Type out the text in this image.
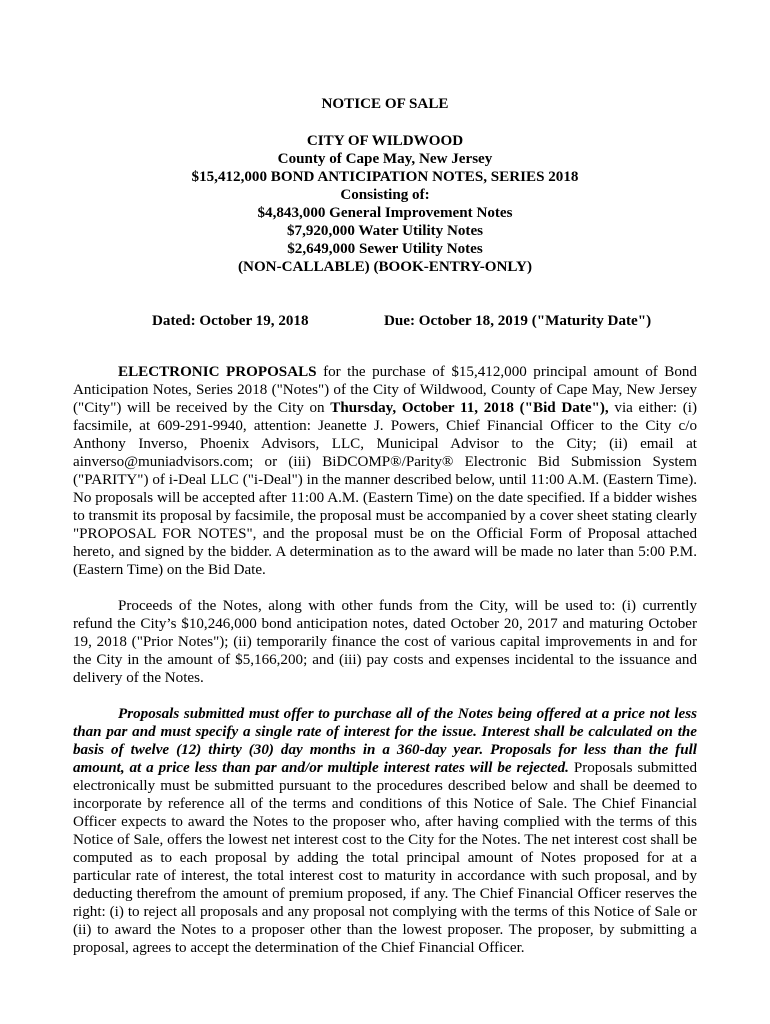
NOTICE OF SALE
CITY OF WILDWOOD
County of Cape May, New Jersey
$15,412,000 BOND ANTICIPATION NOTES, SERIES 2018
Consisting of:
$4,843,000 General Improvement Notes
$7,920,000 Water Utility Notes
$2,649,000 Sewer Utility Notes
(NON-CALLABLE) (BOOK-ENTRY-ONLY)
Dated: October 19, 2018	Due: October 18, 2019 ("Maturity Date")
ELECTRONIC PROPOSALS for the purchase of $15,412,000 principal amount of Bond Anticipation Notes, Series 2018 ("Notes") of the City of Wildwood, County of Cape May, New Jersey ("City") will be received by the City on Thursday, October 11, 2018 ("Bid Date"), via either: (i) facsimile, at 609-291-9940, attention: Jeanette J. Powers, Chief Financial Officer to the City c/o Anthony Inverso, Phoenix Advisors, LLC, Municipal Advisor to the City; (ii) email at ainverso@muniadvisors.com; or (iii) BiDCOMP®/Parity® Electronic Bid Submission System ("PARITY") of i-Deal LLC ("i-Deal") in the manner described below, until 11:00 A.M. (Eastern Time). No proposals will be accepted after 11:00 A.M. (Eastern Time) on the date specified. If a bidder wishes to transmit its proposal by facsimile, the proposal must be accompanied by a cover sheet stating clearly "PROPOSAL FOR NOTES", and the proposal must be on the Official Form of Proposal attached hereto, and signed by the bidder. A determination as to the award will be made no later than 5:00 P.M. (Eastern Time) on the Bid Date.
Proceeds of the Notes, along with other funds from the City, will be used to: (i) currently refund the City’s $10,246,000 bond anticipation notes, dated October 20, 2017 and maturing October 19, 2018 ("Prior Notes"); (ii) temporarily finance the cost of various capital improvements in and for the City in the amount of $5,166,200; and (iii) pay costs and expenses incidental to the issuance and delivery of the Notes.
Proposals submitted must offer to purchase all of the Notes being offered at a price not less than par and must specify a single rate of interest for the issue. Interest shall be calculated on the basis of twelve (12) thirty (30) day months in a 360-day year. Proposals for less than the full amount, at a price less than par and/or multiple interest rates will be rejected. Proposals submitted electronically must be submitted pursuant to the procedures described below and shall be deemed to incorporate by reference all of the terms and conditions of this Notice of Sale. The Chief Financial Officer expects to award the Notes to the proposer who, after having complied with the terms of this Notice of Sale, offers the lowest net interest cost to the City for the Notes. The net interest cost shall be computed as to each proposal by adding the total principal amount of Notes proposed for at a particular rate of interest, the total interest cost to maturity in accordance with such proposal, and by deducting therefrom the amount of premium proposed, if any. The Chief Financial Officer reserves the right: (i) to reject all proposals and any proposal not complying with the terms of this Notice of Sale or (ii) to award the Notes to a proposer other than the lowest proposer. The proposer, by submitting a proposal, agrees to accept the determination of the Chief Financial Officer.
